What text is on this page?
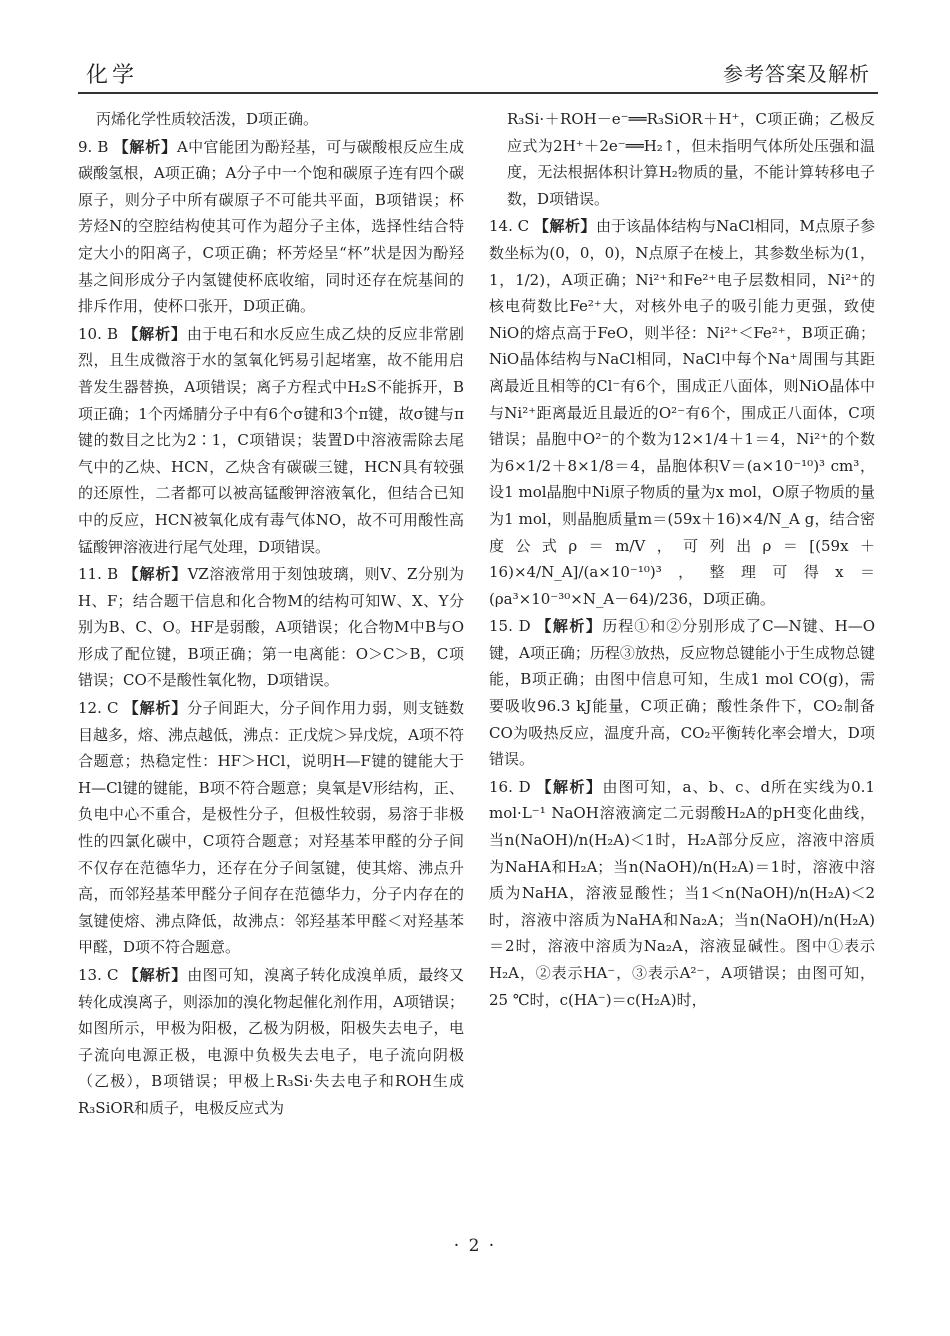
化学	参考答案及解析

丙烯化学性质较活泼，D项正确。

9. B 【解析】A中官能团为酚羟基，可与碳酸根反应生成碳酸氢根，A项正确；A分子中一个饱和碳原子连有四个碳原子，则分子中所有碳原子不可能共平面，B项错误；杯芳烃N的空腔结构使其可作为超分子主体，选择性结合特定大小的阳离子，C项正确；杯芳烃呈“杯”状是因为酚羟基之间形成分子内氢键使杯底收缩，同时还存在烷基间的排斥作用，使杯口张开，D项正确。

10. B 【解析】由于电石和水反应生成乙炔的反应非常剧烈，且生成微溶于水的氢氧化钙易引起堵塞，故不能用启普发生器替换，A项错误；离子方程式中H₂S不能拆开，B项正确；1个丙烯腈分子中有6个σ键和3个π键，故σ键与π键的数目之比为2∶1，C项错误；装置D中溶液需除去尾气中的乙炔、HCN，乙炔含有碳碳三键，HCN具有较强的还原性，二者都可以被高锰酸钾溶液氧化，但结合已知中的反应，HCN被氧化成有毒气体NO，故不可用酸性高锰酸钾溶液进行尾气处理，D项错误。

11. B 【解析】VZ溶液常用于刻蚀玻璃，则V、Z分别为H、F；结合题干信息和化合物M的结构可知W、X、Y分别为B、C、O。HF是弱酸，A项错误；化合物M中B与O形成了配位键，B项正确；第一电离能：O＞C＞B，C项错误；CO不是酸性氧化物，D项错误。

12. C 【解析】分子间距大，分子间作用力弱，则支链数目越多，熔、沸点越低，沸点：正戊烷＞异戊烷，A项不符合题意；热稳定性：HF＞HCl，说明H—F键的键能大于H—Cl键的键能，B项不符合题意；臭氧是V形结构，正、负电中心不重合，是极性分子，但极性较弱，易溶于非极性的四氯化碳中，C项符合题意；对羟基苯甲醛的分子间不仅存在范德华力，还存在分子间氢键，使其熔、沸点升高，而邻羟基苯甲醛分子间存在范德华力，分子内存在的氢键使熔、沸点降低，故沸点：邻羟基苯甲醛＜对羟基苯甲醛，D项不符合题意。

13. C 【解析】由图可知，溴离子转化成溴单质，最终又转化成溴离子，则添加的溴化物起催化剂作用，A项错误；如图所示，甲极为阳极，乙极为阴极，阳极失去电子，电子流向电源正极，电源中负极失去电子，电子流向阴极（乙极），B项错误；甲极上R₃Si·失去电子和ROH生成R₃SiOR和质子，电极反应式为

R₃Si·＋ROH－e⁻══R₃SiOR＋H⁺，C项正确；乙极反应式为2H⁺＋2e⁻══H₂↑，但未指明气体所处压强和温度，无法根据体积计算H₂物质的量，不能计算转移电子数，D项错误。

14. C 【解析】由于该晶体结构与NaCl相同，M点原子参数坐标为(0，0，0)，N点原子在棱上，其参数坐标为(1，1，1/2)，A项正确；Ni²⁺和Fe²⁺电子层数相同，Ni²⁺的核电荷数比Fe²⁺大，对核外电子的吸引能力更强，致使NiO的熔点高于FeO，则半径：Ni²⁺＜Fe²⁺，B项正确；NiO晶体结构与NaCl相同，NaCl中每个Na⁺周围与其距离最近且相等的Cl⁻有6个，围成正八面体，则NiO晶体中与Ni²⁺距离最近且最近的O²⁻有6个，围成正八面体，C项错误；晶胞中O²⁻的个数为12×1/4＋1＝4，Ni²⁺的个数为6×1/2＋8×1/8＝4，晶胞体积V＝(a×10⁻¹⁰)³ cm³，设1 mol晶胞中Ni原子物质的量为x mol，O原子物质的量为1 mol，则晶胞质量m＝(59x＋16)×4/N_A g，结合密度公式ρ＝m/V，可列出ρ＝[(59x＋16)×4/N_A]/(a×10⁻¹⁰)³，整理可得x＝(ρa³×10⁻³⁰×N_A－64)/236，D项正确。

15. D 【解析】历程①和②分别形成了C—N键、H—O键，A项正确；历程③放热，反应物总键能小于生成物总键能，B项正确；由图中信息可知，生成1 mol CO(g)，需要吸收96.3 kJ能量，C项正确；酸性条件下，CO₂制备CO为吸热反应，温度升高，CO₂平衡转化率会增大，D项错误。

16. D 【解析】由图可知，a、b、c、d所在实线为0.1 mol·L⁻¹ NaOH溶液滴定二元弱酸H₂A的pH变化曲线，当n(NaOH)/n(H₂A)＜1时，H₂A部分反应，溶液中溶质为NaHA和H₂A；当n(NaOH)/n(H₂A)＝1时，溶液中溶质为NaHA，溶液显酸性；当1＜n(NaOH)/n(H₂A)＜2时，溶液中溶质为NaHA和Na₂A；当n(NaOH)/n(H₂A)＝2时，溶液中溶质为Na₂A，溶液显碱性。图中①表示H₂A，②表示HA⁻，③表示A²⁻，A项错误；由图可知，25 ℃时，c(HA⁻)＝c(H₂A)时，

· 2 ·
